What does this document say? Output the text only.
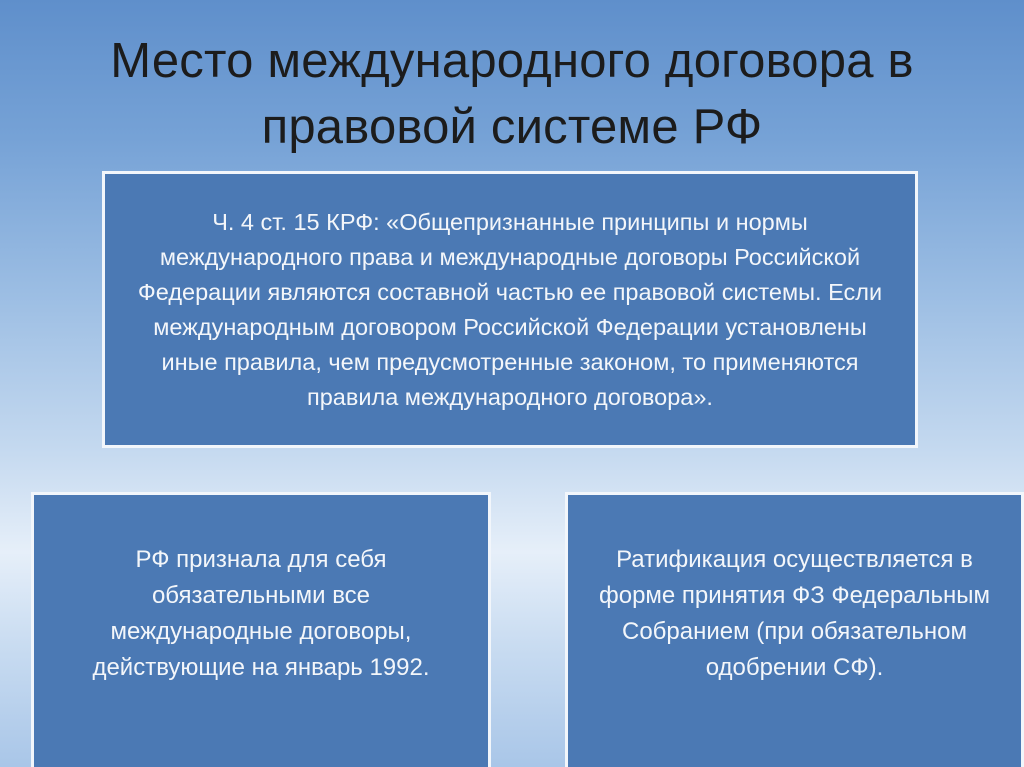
Место международного договора в правовой системе РФ
Ч. 4 ст. 15 КРФ: «Общепризнанные принципы и нормы международного права и международные договоры Российской Федерации являются составной частью ее правовой системы. Если международным договором Российской Федерации установлены иные правила, чем предусмотренные законом, то применяются правила международного договора».
РФ признала для себя обязательными все международные договоры, действующие на январь 1992.
Ратификация осуществляется в форме принятия ФЗ Федеральным Собранием (при обязательном одобрении СФ).
